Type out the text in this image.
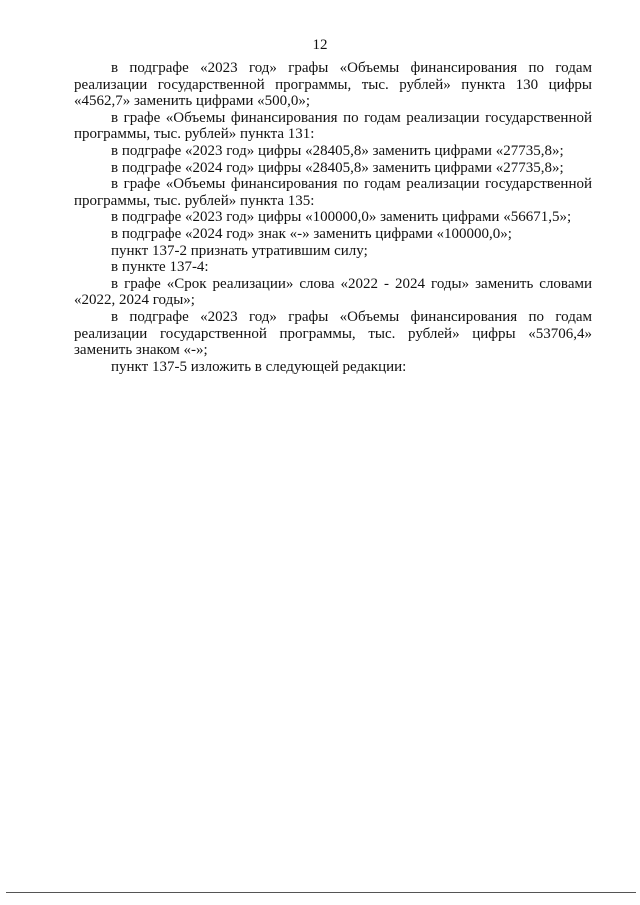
12

в подграфе «2023 год» графы «Объемы финансирования по годам реализации государственной программы, тыс. рублей» пункта 130 цифры «4562,7» заменить цифрами «500,0»;

в графе «Объемы финансирования по годам реализации государственной программы, тыс. рублей» пункта 131:

в подграфе «2023 год» цифры «28405,8» заменить цифрами «27735,8»;

в подграфе «2024 год» цифры «28405,8» заменить цифрами «27735,8»;

в графе «Объемы финансирования по годам реализации государственной программы, тыс. рублей» пункта 135:

в подграфе «2023 год» цифры «100000,0» заменить цифрами «56671,5»;

в подграфе «2024 год» знак «-» заменить цифрами «100000,0»;

пункт 137-2 признать утратившим силу;

в пункте 137-4:

в графе «Срок реализации» слова «2022 - 2024 годы» заменить словами «2022, 2024 годы»;

в подграфе «2023 год» графы «Объемы финансирования по годам реализации государственной программы, тыс. рублей» цифры «53706,4» заменить знаком «-»;

пункт 137-5 изложить в следующей редакции:
